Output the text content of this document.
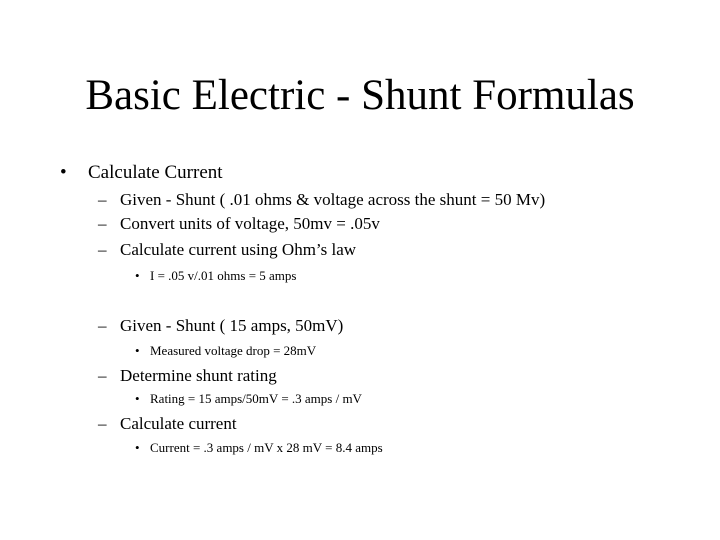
Basic Electric - Shunt Formulas
• Calculate Current
– Given - Shunt ( .01 ohms & voltage across the shunt = 50 Mv)
– Convert units of voltage, 50mv = .05v
– Calculate current using Ohm’s law
• I = .05 v/.01 ohms = 5 amps
– Given - Shunt ( 15 amps, 50mV)
• Measured voltage drop = 28mV
– Determine shunt rating
• Rating = 15 amps/50mV = .3 amps / mV
– Calculate current
• Current = .3 amps / mV x 28 mV = 8.4 amps
